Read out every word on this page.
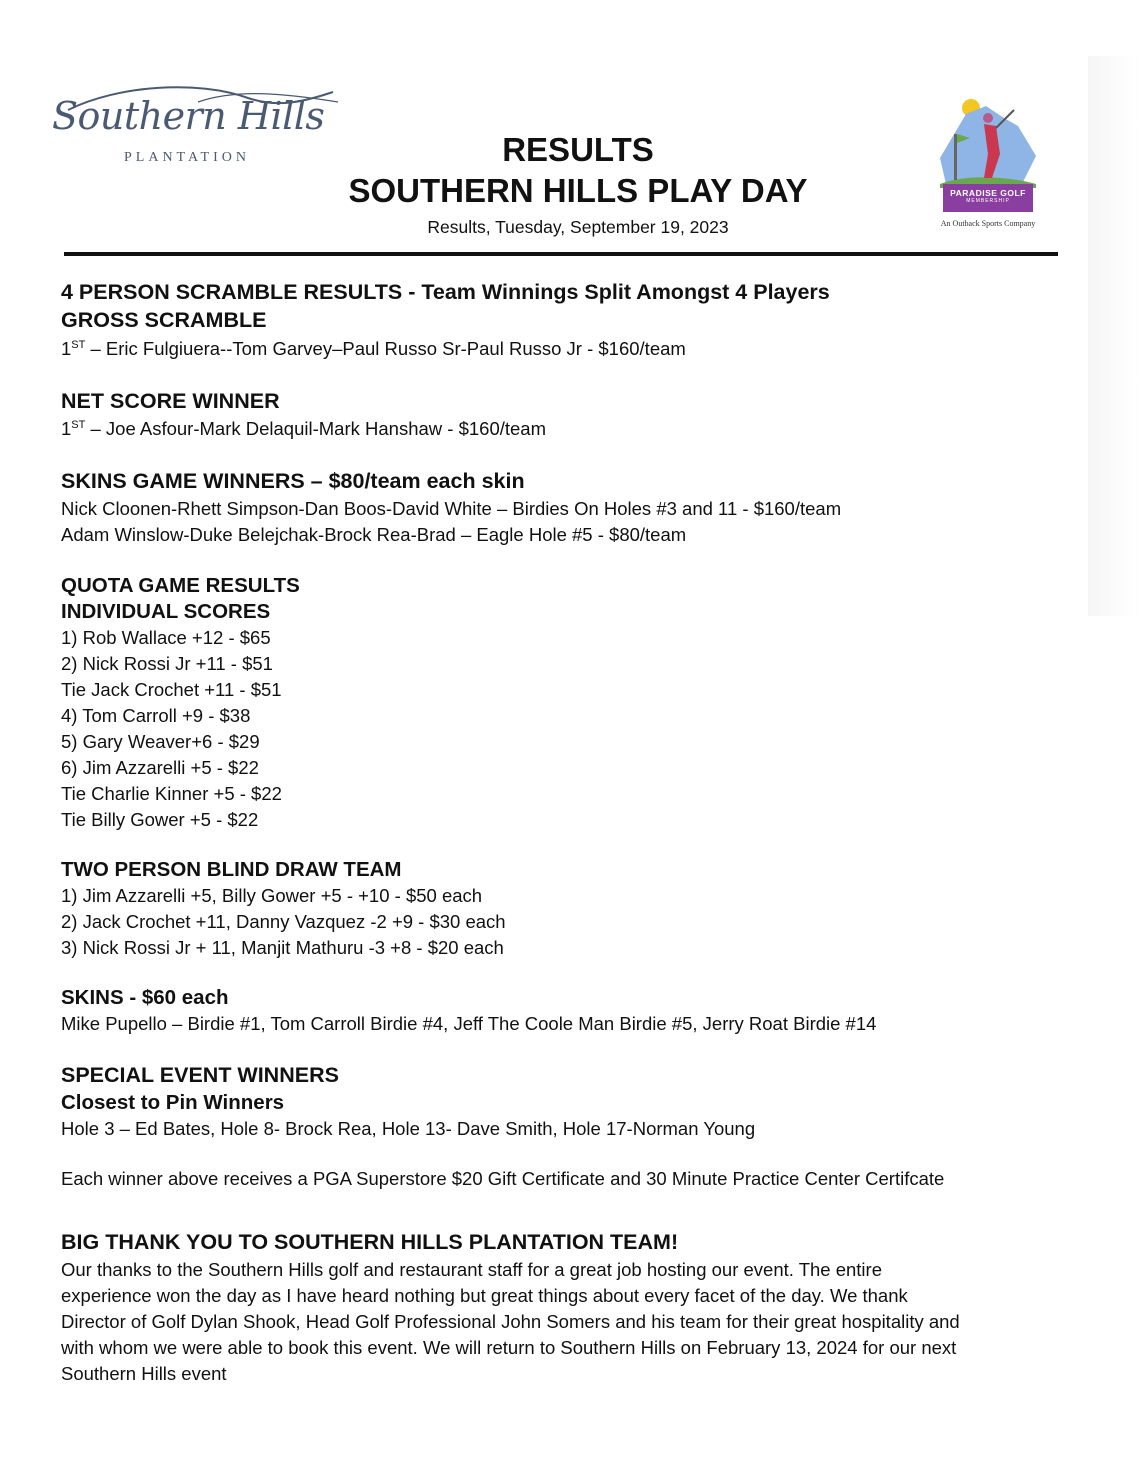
Southern Hills
PLANTATION	RESULTS
SOUTHERN HILLS PLAY DAY
Results, Tuesday, September 19, 2023
PARADISE GOLF
MEMBERSHIP
An Outback Sports Company
4 PERSON SCRAMBLE RESULTS - Team Winnings Split Amongst 4 Players
GROSS SCRAMBLE
1ST – Eric Fulgiuera--Tom Garvey–Paul Russo Sr-Paul Russo Jr - $160/team
NET SCORE WINNER
1ST – Joe Asfour-Mark Delaquil-Mark Hanshaw - $160/team
SKINS GAME WINNERS – $80/team each skin
Nick Cloonen-Rhett Simpson-Dan Boos-David White – Birdies On Holes #3 and 11 - $160/team
Adam Winslow-Duke Belejchak-Brock Rea-Brad – Eagle Hole #5 - $80/team
QUOTA GAME RESULTS
INDIVIDUAL SCORES
1) Rob Wallace +12 - $65
2) Nick Rossi Jr +11 - $51
Tie Jack Crochet +11 - $51
4) Tom Carroll +9 - $38
5) Gary Weaver+6 - $29
6) Jim Azzarelli +5 - $22
Tie Charlie Kinner +5 - $22
Tie Billy Gower +5 - $22
TWO PERSON BLIND DRAW TEAM
1) Jim Azzarelli +5, Billy Gower +5 - +10 - $50 each
2) Jack Crochet +11, Danny Vazquez -2 +9 - $30 each
3) Nick Rossi Jr + 11, Manjit Mathuru -3 +8 - $20 each
SKINS - $60 each
Mike Pupello – Birdie #1, Tom Carroll Birdie #4, Jeff The Coole Man Birdie #5, Jerry Roat Birdie #14
SPECIAL EVENT WINNERS
Closest to Pin Winners
Hole 3 – Ed Bates, Hole 8- Brock Rea, Hole 13- Dave Smith, Hole 17-Norman Young
Each winner above receives a PGA Superstore $20 Gift Certificate and 30 Minute Practice Center Certifcate
BIG THANK YOU TO SOUTHERN HILLS PLANTATION TEAM!
Our thanks to the Southern Hills golf and restaurant staff for a great job hosting our event. The entire
experience won the day as I have heard nothing but great things about every facet of the day. We thank
Director of Golf Dylan Shook, Head Golf Professional John Somers and his team for their great hospitality and
with whom we were able to book this event. We will return to Southern Hills on February 13, 2024 for our next
Southern Hills event
